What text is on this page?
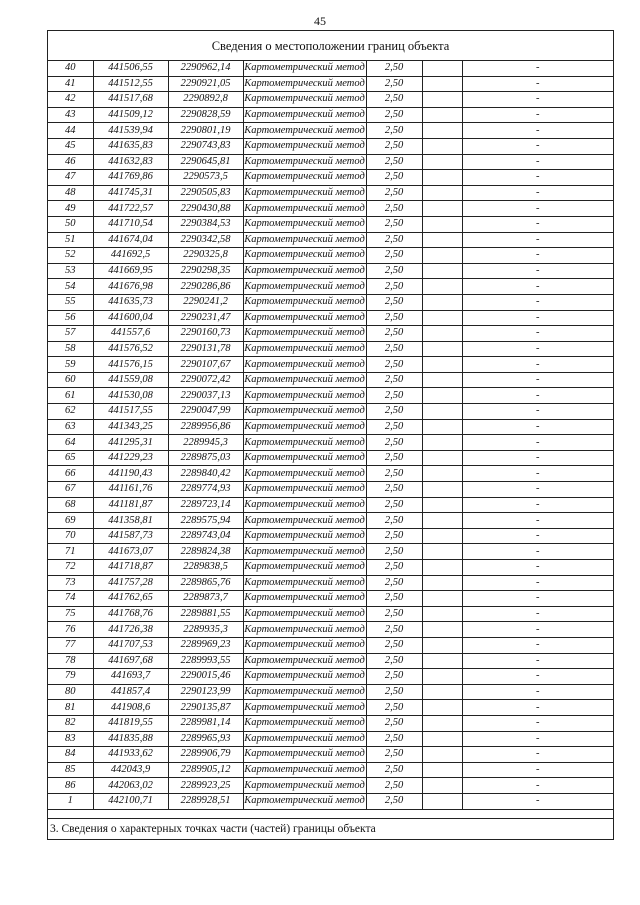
45
Сведения о местоположении границ объекта
40	441506,55	2290962,14	Картометрический метод	2,50		-
41	441512,55	2290921,05	Картометрический метод	2,50		-
42	441517,68	2290892,8	Картометрический метод	2,50		-
43	441509,12	2290828,59	Картометрический метод	2,50		-
44	441539,94	2290801,19	Картометрический метод	2,50		-
45	441635,83	2290743,83	Картометрический метод	2,50		-
46	441632,83	2290645,81	Картометрический метод	2,50		-
47	441769,86	2290573,5	Картометрический метод	2,50		-
48	441745,31	2290505,83	Картометрический метод	2,50		-
49	441722,57	2290430,88	Картометрический метод	2,50		-
50	441710,54	2290384,53	Картометрический метод	2,50		-
51	441674,04	2290342,58	Картометрический метод	2,50		-
52	441692,5	2290325,8	Картометрический метод	2,50		-
53	441669,95	2290298,35	Картометрический метод	2,50		-
54	441676,98	2290286,86	Картометрический метод	2,50		-
55	441635,73	2290241,2	Картометрический метод	2,50		-
56	441600,04	2290231,47	Картометрический метод	2,50		-
57	441557,6	2290160,73	Картометрический метод	2,50		-
58	441576,52	2290131,78	Картометрический метод	2,50		-
59	441576,15	2290107,67	Картометрический метод	2,50		-
60	441559,08	2290072,42	Картометрический метод	2,50		-
61	441530,08	2290037,13	Картометрический метод	2,50		-
62	441517,55	2290047,99	Картометрический метод	2,50		-
63	441343,25	2289956,86	Картометрический метод	2,50		-
64	441295,31	2289945,3	Картометрический метод	2,50		-
65	441229,23	2289875,03	Картометрический метод	2,50		-
66	441190,43	2289840,42	Картометрический метод	2,50		-
67	441161,76	2289774,93	Картометрический метод	2,50		-
68	441181,87	2289723,14	Картометрический метод	2,50		-
69	441358,81	2289575,94	Картометрический метод	2,50		-
70	441587,73	2289743,04	Картометрический метод	2,50		-
71	441673,07	2289824,38	Картометрический метод	2,50		-
72	441718,87	2289838,5	Картометрический метод	2,50		-
73	441757,28	2289865,76	Картометрический метод	2,50		-
74	441762,65	2289873,7	Картометрический метод	2,50		-
75	441768,76	2289881,55	Картометрический метод	2,50		-
76	441726,38	2289935,3	Картометрический метод	2,50		-
77	441707,53	2289969,23	Картометрический метод	2,50		-
78	441697,68	2289993,55	Картометрический метод	2,50		-
79	441693,7	2290015,46	Картометрический метод	2,50		-
80	441857,4	2290123,99	Картометрический метод	2,50		-
81	441908,6	2290135,87	Картометрический метод	2,50		-
82	441819,55	2289981,14	Картометрический метод	2,50		-
83	441835,88	2289965,93	Картометрический метод	2,50		-
84	441933,62	2289906,79	Картометрический метод	2,50		-
85	442043,9	2289905,12	Картометрический метод	2,50		-
86	442063,02	2289923,25	Картометрический метод	2,50		-
1	442100,71	2289928,51	Картометрический метод	2,50		-
3. Сведения о характерных точках части (частей) границы объекта
